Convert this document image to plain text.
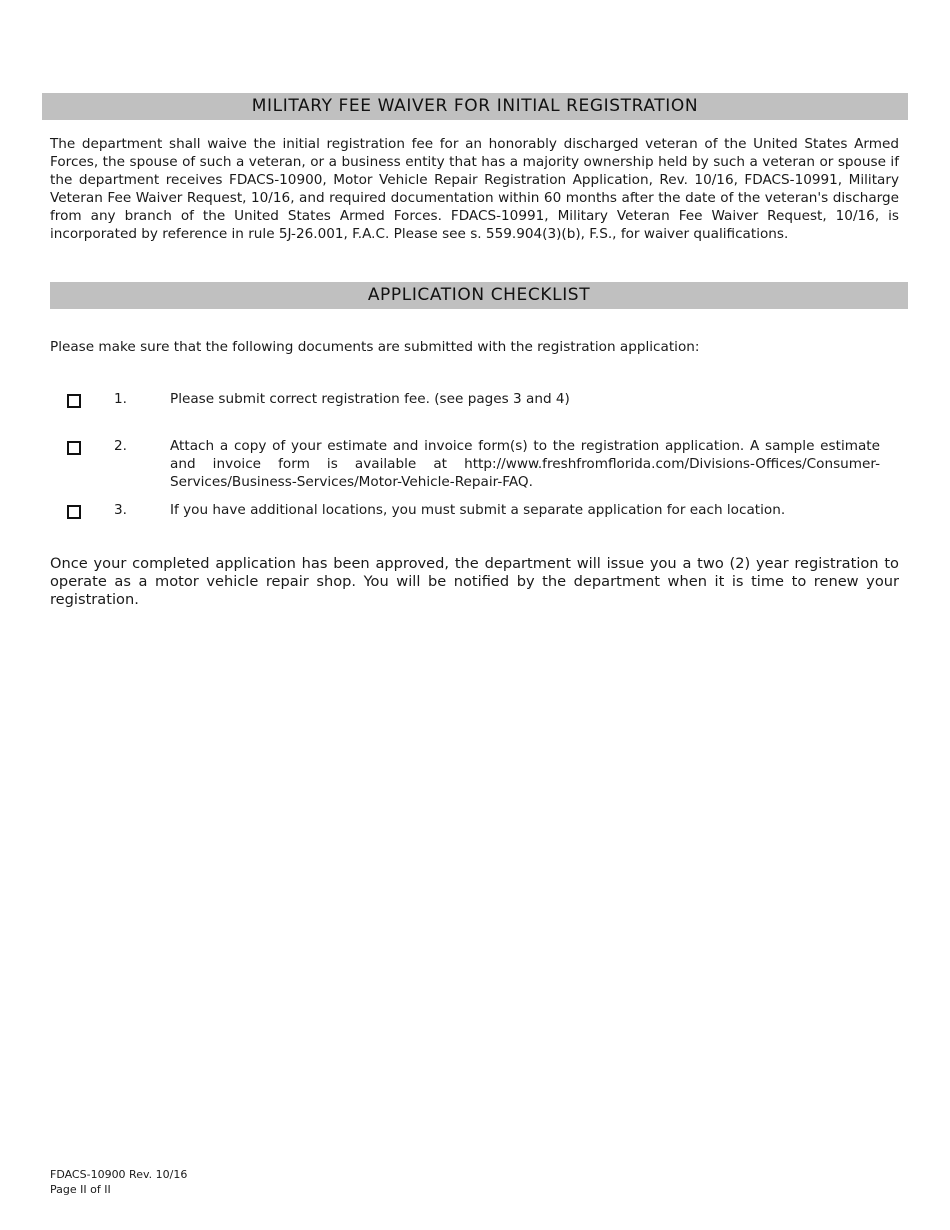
MILITARY FEE WAIVER FOR INITIAL REGISTRATION

The department shall waive the initial registration fee for an honorably discharged veteran of the United States Armed Forces, the spouse of such a veteran, or a business entity that has a majority ownership held by such a veteran or spouse if the department receives FDACS-10900, Motor Vehicle Repair Registration Application, Rev. 10/16, FDACS-10991, Military Veteran Fee Waiver Request, 10/16, and required documentation within 60 months after the date of the veteran's discharge from any branch of the United States Armed Forces. FDACS-10991, Military Veteran Fee Waiver Request, 10/16, is incorporated by reference in rule 5J-26.001, F.A.C. Please see s. 559.904(3)(b), F.S., for waiver qualifications.

APPLICATION CHECKLIST

Please make sure that the following documents are submitted with the registration application:

1.	Please submit correct registration fee. (see pages 3 and 4)

2.	Attach a copy of your estimate and invoice form(s) to the registration application. A sample estimate and invoice form is available at http://www.freshfromflorida.com/Divisions-Offices/Consumer-Services/Business-Services/Motor-Vehicle-Repair-FAQ.

3.	If you have additional locations, you must submit a separate application for each location.

Once your completed application has been approved, the department will issue you a two (2) year registration to operate as a motor vehicle repair shop. You will be notified by the department when it is time to renew your registration.

FDACS-10900 Rev. 10/16
Page II of II
